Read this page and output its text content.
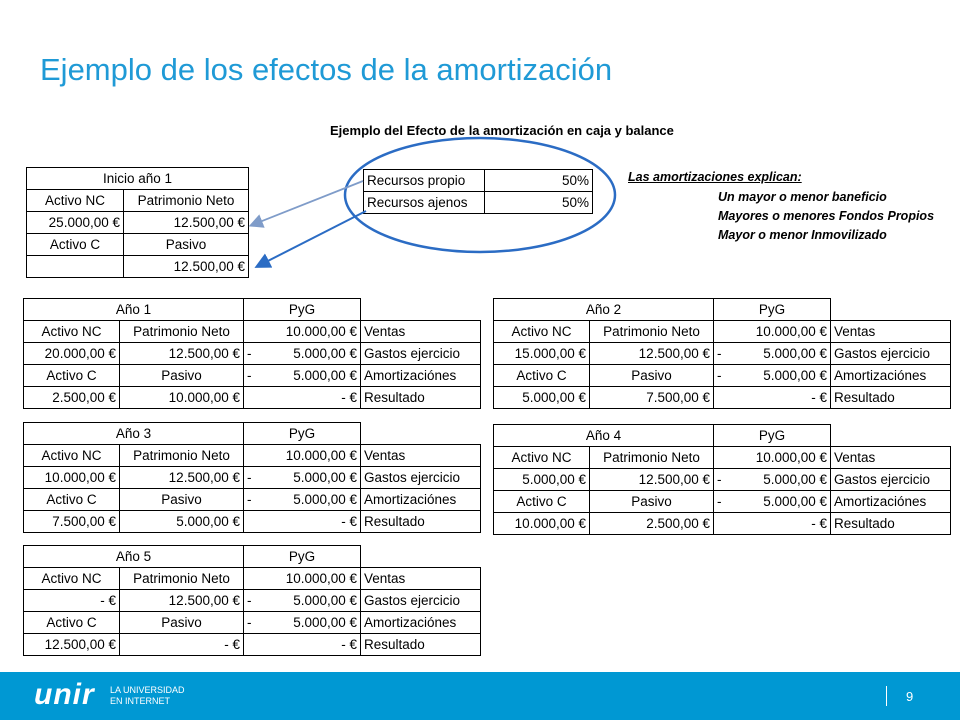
Ejemplo de los efectos de la amortización
Ejemplo del Efecto de la amortización en caja y balance
Inicio año 1	
Activo NC	Patrimonio Neto
25.000,00 €	12.500,00 €
Activo C	Pasivo
	12.500,00 €
Recursos propio	50%
Recursos ajenos	50%
Las amortizaciones explican:
Un mayor o menor baneficio
Mayores o menores Fondos Propios
Mayor o menor Inmovilizado
Año 1		PyG		
Activo NC	Patrimonio Neto		10.000,00 €	Ventas
20.000,00 €	12.500,00 €	-	5.000,00 €	Gastos ejercicio
Activo C	Pasivo	-	5.000,00 €	Amortizaciónes
2.500,00 €	10.000,00 €		- €	Resultado
Año 2		PyG		
Activo NC	Patrimonio Neto		10.000,00 €	Ventas
15.000,00 €	12.500,00 €	-	5.000,00 €	Gastos ejercicio
Activo C	Pasivo	-	5.000,00 €	Amortizaciónes
5.000,00 €	7.500,00 €		- €	Resultado
Año 3		PyG		
Activo NC	Patrimonio Neto		10.000,00 €	Ventas
10.000,00 €	12.500,00 €	-	5.000,00 €	Gastos ejercicio
Activo C	Pasivo	-	5.000,00 €	Amortizaciónes
7.500,00 €	5.000,00 €		- €	Resultado
Año 4		PyG		
Activo NC	Patrimonio Neto		10.000,00 €	Ventas
5.000,00 €	12.500,00 €	-	5.000,00 €	Gastos ejercicio
Activo C	Pasivo	-	5.000,00 €	Amortizaciónes
10.000,00 €	2.500,00 €		- €	Resultado
Año 5		PyG		
Activo NC	Patrimonio Neto		10.000,00 €	Ventas
- €	12.500,00 €	-	5.000,00 €	Gastos ejercicio
Activo C	Pasivo	-	5.000,00 €	Amortizaciónes
12.500,00 €	- €		- €	Resultado
unir LA UNIVERSIDAD
EN INTERNET	9
